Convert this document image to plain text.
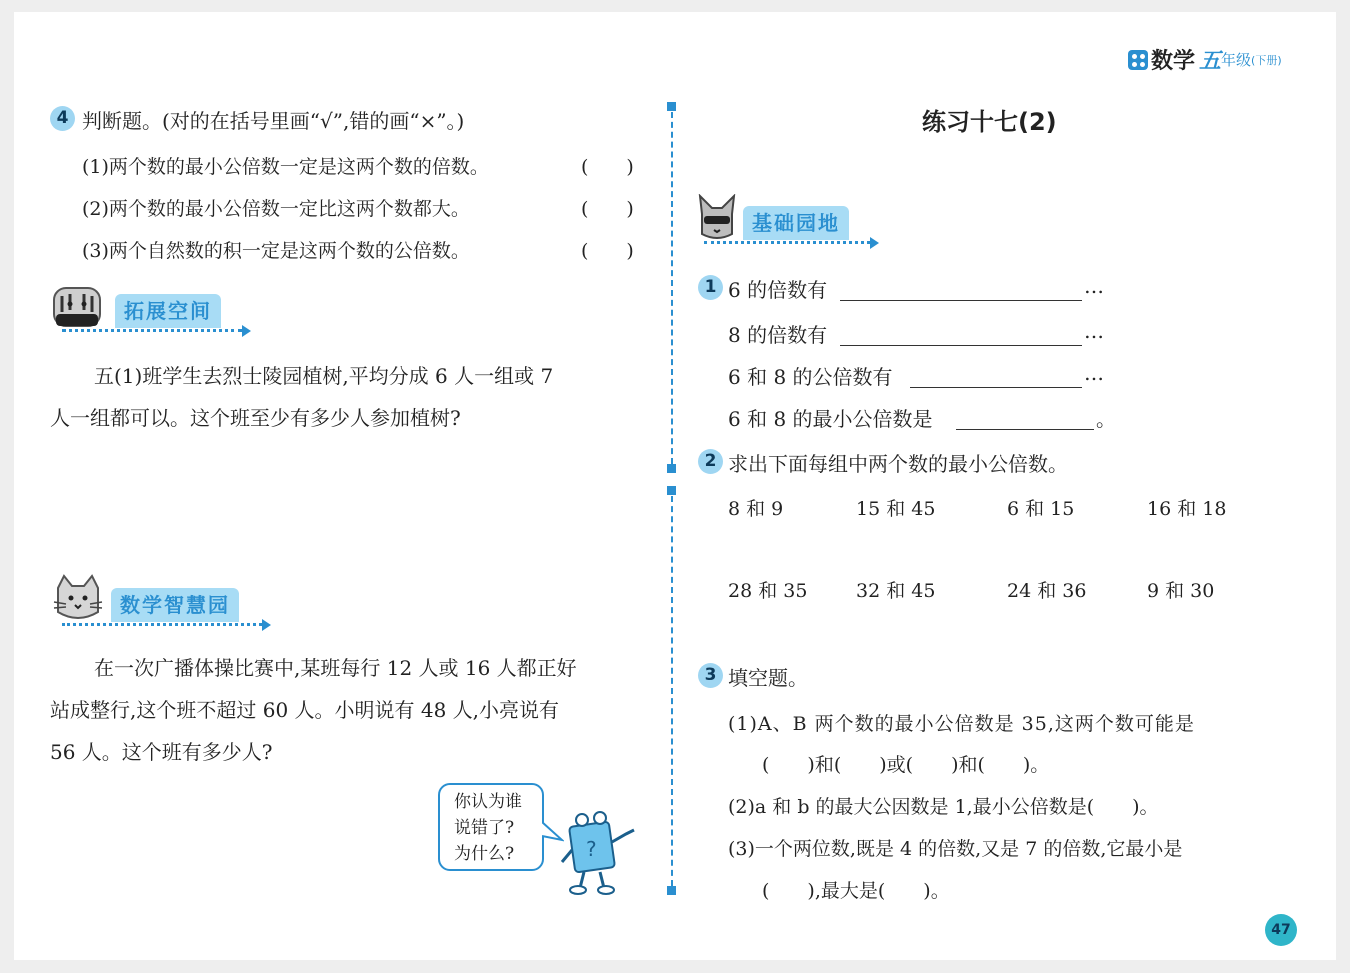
数学 五 年级 (下册)
4 判断题。(对的在括号里画“√”,错的画“×”。)
(1)两个数的最小公倍数一定是这两个数的倍数。	(　　)
(2)两个数的最小公倍数一定比这两个数都大。	(　　)
(3)两个自然数的积一定是这两个数的公倍数。	(　　)
拓展空间
五(1)班学生去烈士陵园植树,平均分成 6 人一组或 7
人一组都可以。这个班至少有多少人参加植树?
数学智慧园
在一次广播体操比赛中,某班每行 12 人或 16 人都正好
站成整行,这个班不超过 60 人。小明说有 48 人,小亮说有
56 人。这个班有多少人?
你认为谁
说错了?
为什么?	?
练习十七(2)
基础园地
1 6 的倍数有	…
8 的倍数有	…
6 和 8 的公倍数有	…
6 和 8 的最小公倍数是	。
2 求出下面每组中两个数的最小公倍数。
8 和 9	15 和 45	6 和 15	16 和 18
28 和 35	32 和 45	24 和 36	9 和 30
3 填空题。
(1)A、B 两个数的最小公倍数是 35,这两个数可能是
(　　)和(　　)或(　　)和(　　)。
(2)a 和 b 的最大公因数是 1,最小公倍数是(　　)。
(3)一个两位数,既是 4 的倍数,又是 7 的倍数,它最小是
(　　),最大是(　　)。
47
